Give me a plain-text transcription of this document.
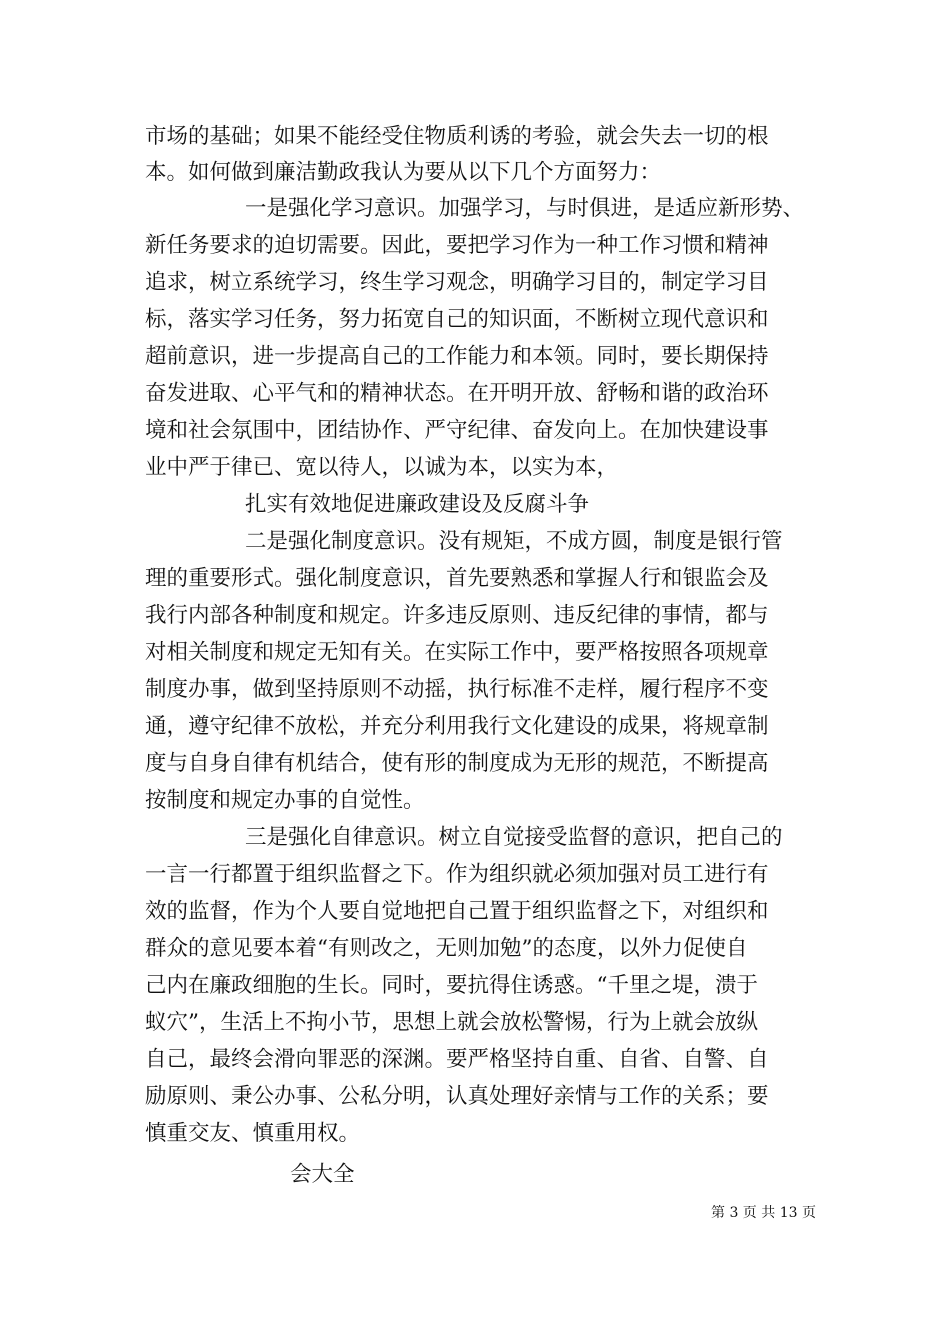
市场的基础；如果不能经受住物质利诱的考验，就会失去一切的根
本。如何做到廉洁勤政我认为要从以下几个方面努力：
一是强化学习意识。加强学习，与时俱进，是适应新形势、
新任务要求的迫切需要。因此，要把学习作为一种工作习惯和精神
追求，树立系统学习，终生学习观念，明确学习目的，制定学习目
标，落实学习任务，努力拓宽自己的知识面，不断树立现代意识和
超前意识，进一步提高自己的工作能力和本领。同时，要长期保持
奋发进取、心平气和的精神状态。在开明开放、舒畅和谐的政治环
境和社会氛围中，团结协作、严守纪律、奋发向上。在加快建设事
业中严于律已、宽以待人，以诚为本，以实为本，
扎实有效地促进廉政建设及反腐斗争
二是强化制度意识。没有规矩，不成方圆，制度是银行管
理的重要形式。强化制度意识，首先要熟悉和掌握人行和银监会及
我行内部各种制度和规定。许多违反原则、违反纪律的事情，都与
对相关制度和规定无知有关。在实际工作中，要严格按照各项规章
制度办事，做到坚持原则不动摇，执行标准不走样，履行程序不变
通，遵守纪律不放松，并充分利用我行文化建设的成果，将规章制
度与自身自律有机结合，使有形的制度成为无形的规范，不断提高
按制度和规定办事的自觉性。
三是强化自律意识。树立自觉接受监督的意识，把自己的
一言一行都置于组织监督之下。作为组织就必须加强对员工进行有
效的监督，作为个人要自觉地把自己置于组织监督之下，对组织和
群众的意见要本着“有则改之，无则加勉”的态度，以外力促使自
己内在廉政细胞的生长。同时，要抗得住诱惑。“千里之堤，溃于
蚁穴”，生活上不拘小节，思想上就会放松警惕，行为上就会放纵
自己，最终会滑向罪恶的深渊。要严格坚持自重、自省、自警、自
励原则、秉公办事、公私分明，认真处理好亲情与工作的关系；要
慎重交友、慎重用权。
会大全
第 3 页 共 13 页
